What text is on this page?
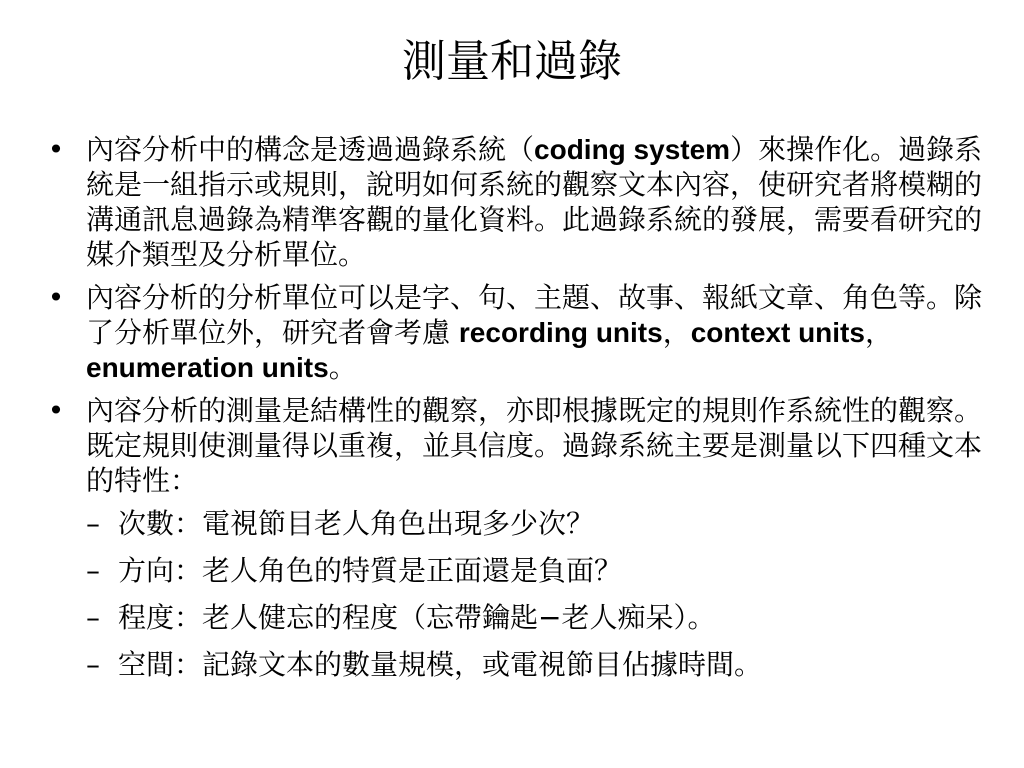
測量和過錄
• 內容分析中的構念是透過過錄系統（coding system）來操作化。過錄系統是一組指示或規則，說明如何系統的觀察文本內容，使研究者將模糊的溝通訊息過錄為精準客觀的量化資料。此過錄系統的發展，需要看研究的媒介類型及分析單位。
• 內容分析的分析單位可以是字、句、主題、故事、報紙文章、角色等。除了分析單位外，研究者會考慮 recording units，context units，enumeration units。
• 內容分析的測量是結構性的觀察，亦即根據既定的規則作系統性的觀察。既定規則使測量得以重複，並具信度。過錄系統主要是測量以下四種文本的特性：
– 次數：電視節目老人角色出現多少次？
– 方向：老人角色的特質是正面還是負面？
– 程度：老人健忘的程度（忘帶鑰匙−老人痴呆）。
– 空間：記錄文本的數量規模，或電視節目佔據時間。
